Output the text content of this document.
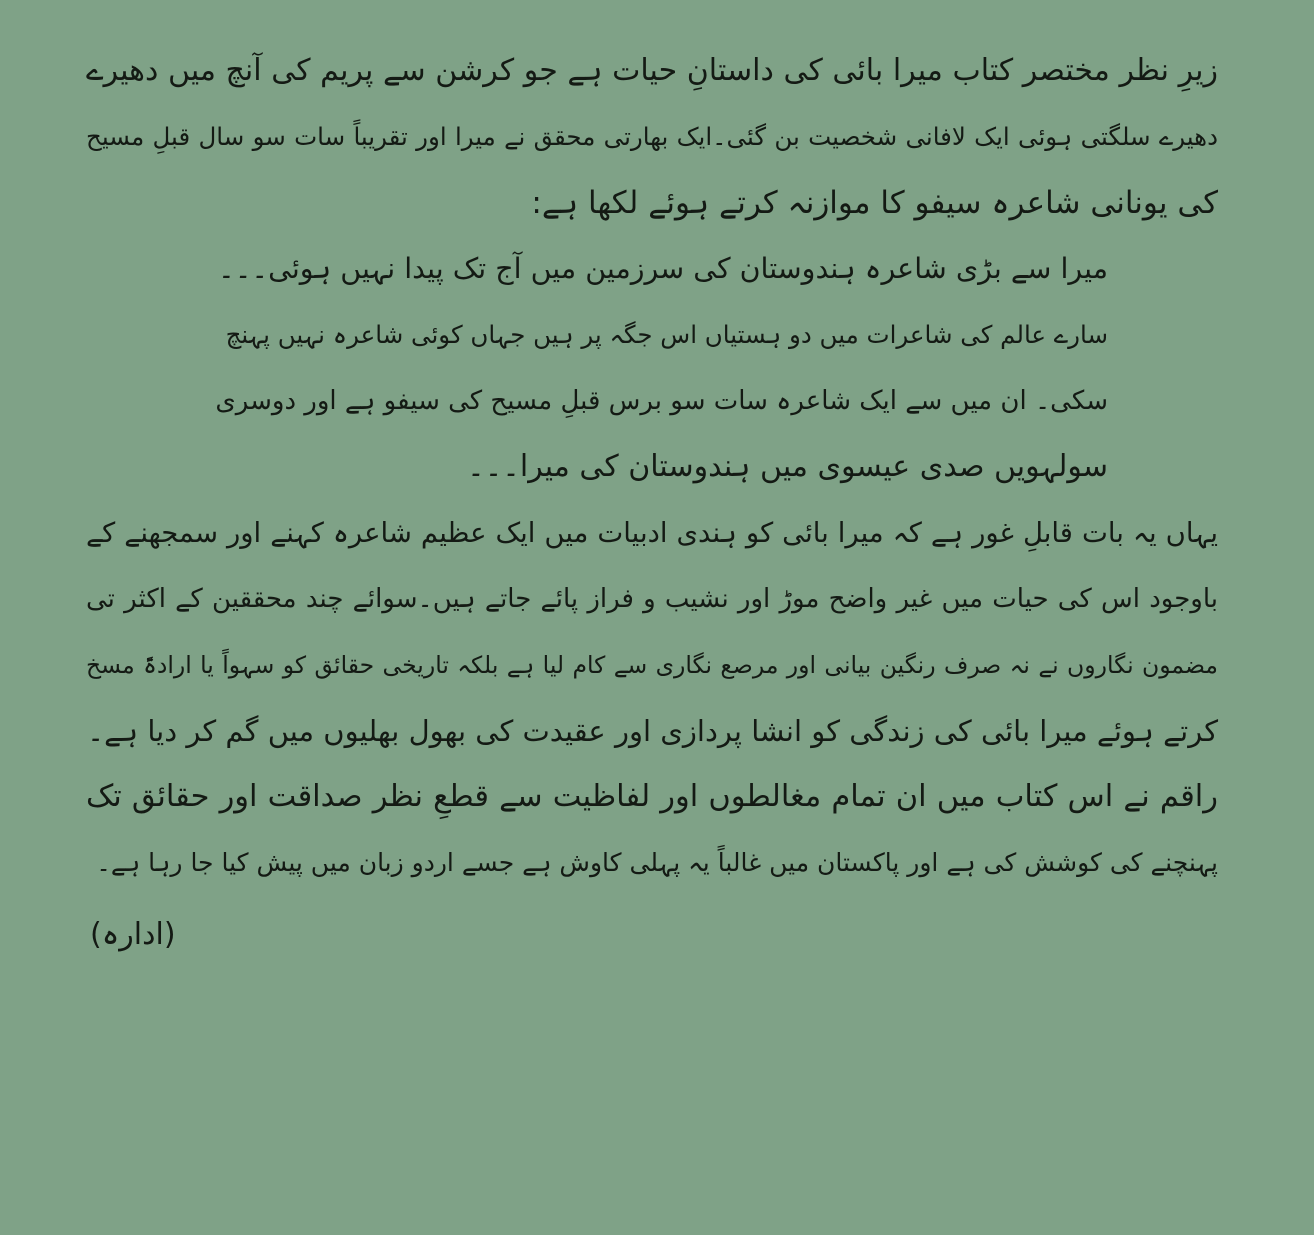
زیرِ نظر مختصر کتاب میرا بائی کی داستانِ حیات ہے جو کرشن سے پریم کی آنچ میں دھیرے

دھیرے سلگتی ہوئی ایک لافانی شخصیت بن گئی۔ایک بھارتی محقق نے میرا اور تقریباً سات سو سال قبلِ مسیح

کی یونانی شاعرہ سیفو کا موازنہ کرتے ہوئے لکھا ہے:

میرا سے بڑی شاعرہ ہندوستان کی سرزمین میں آج تک پیدا نہیں ہوئی۔۔۔

سارے عالم کی شاعرات میں دو ہستیاں اس جگہ پر ہیں جہاں کوئی شاعرہ نہیں پہنچ

سکی۔ ان میں سے ایک شاعرہ سات سو برس قبلِ مسیح کی سیفو ہے اور دوسری

سولہویں صدی عیسوی میں ہندوستان کی میرا۔۔۔

یہاں یہ بات قابلِ غور ہے کہ میرا بائی کو ہندی ادبیات میں ایک عظیم شاعرہ کہنے اور سمجھنے کے

باوجود اس کی حیات میں غیر واضح موڑ اور نشیب و فراز پائے جاتے ہیں۔سوائے چند محققین کے اکثر تی

مضمون نگاروں نے نہ صرف رنگین بیانی اور مرصع نگاری سے کام لیا ہے بلکہ تاریخی حقائق کو سہواً یا ارادۃً مسخ

کرتے ہوئے میرا بائی کی زندگی کو انشا پردازی اور عقیدت کی بھول بھلیوں میں گم کر دیا ہے۔

راقم نے اس کتاب میں ان تمام مغالطوں اور لفاظیت سے قطعِ نظر صداقت اور حقائق تک

پہنچنے کی کوشش کی ہے اور پاکستان میں غالباً یہ پہلی کاوش ہے جسے اردو زبان میں پیش کیا جا رہا ہے۔

(ادارہ)
